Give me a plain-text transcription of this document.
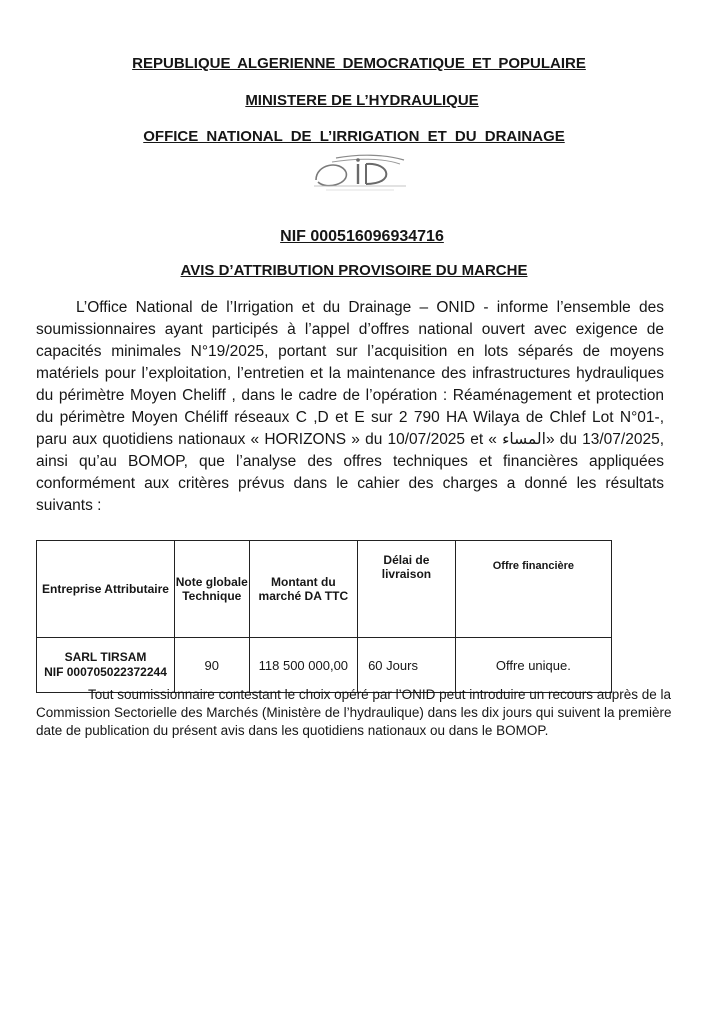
REPUBLIQUE ALGERIENNE DEMOCRATIQUE ET POPULAIRE
MINISTERE DE L’HYDRAULIQUE
OFFICE NATIONAL DE L’IRRIGATION ET DU DRAINAGE
NIF 000516096934716
AVIS D’ATTRIBUTION PROVISOIRE DU MARCHE

L’Office National de l’Irrigation et du Drainage – ONID - informe l’ensemble des soumissionnaires ayant participés à l’appel d’offres national ouvert avec exigence de capacités minimales N°19/2025, portant sur l’acquisition en lots séparés de moyens matériels pour l’exploitation, l’entretien et la maintenance des infrastructures hydrauliques du périmètre Moyen Cheliff , dans le cadre de l’opération : Réaménagement et protection du périmètre Moyen Chéliff réseaux C ,D et E sur 2 790 HA Wilaya de Chlef Lot N°01-, paru aux quotidiens nationaux « HORIZONS » du 10/07/2025 et « المساء» du 13/07/2025, ainsi qu’au BOMOP, que l’analyse des offres techniques et financières appliquées conformément aux critères prévus dans le cahier des charges a donné les résultats suivants :

Entreprise Attributaire	Note globale Technique	Montant du marché DA TTC	Délai de livraison	Offre financière

SARL TIRSAM
NIF 000705022372244	90	118 500 000,00	60 Jours	Offre unique.

Tout soumissionnaire contestant le choix opéré par l’ONID peut introduire un recours auprès de la Commission Sectorielle des Marchés (Ministère de l’hydraulique) dans les dix jours qui suivent la première date de publication du présent avis dans les quotidiens nationaux ou dans le BOMOP.
